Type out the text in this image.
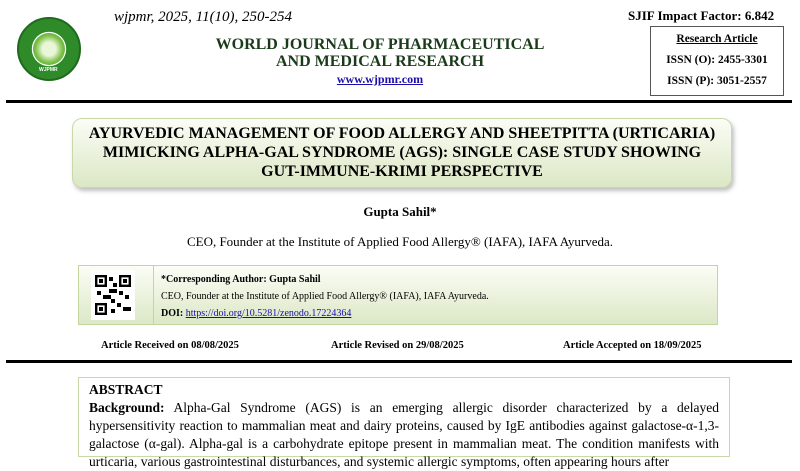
WJPMR
wjpmr, 2025, 11(10), 250-254
WORLD JOURNAL OF PHARMACEUTICAL
AND MEDICAL RESEARCH
www.wjpmr.com
SJIF Impact Factor: 6.842
Research Article
ISSN (O): 2455-3301
ISSN (P): 3051-2557
AYURVEDIC MANAGEMENT OF FOOD ALLERGY AND SHEETPITTA (URTICARIA)
MIMICKING ALPHA-GAL SYNDROME (AGS): SINGLE CASE STUDY SHOWING
GUT-IMMUNE-KRIMI PERSPECTIVE
Gupta Sahil*
CEO, Founder at the Institute of Applied Food Allergy® (IAFA), IAFA Ayurveda.
*Corresponding Author: Gupta Sahil
CEO, Founder at the Institute of Applied Food Allergy® (IAFA), IAFA Ayurveda.
DOI: https://doi.org/10.5281/zenodo.17224364
Article Received on 08/08/2025	Article Revised on 29/08/2025	Article Accepted on 18/09/2025
ABSTRACT
Background: Alpha-Gal Syndrome (AGS) is an emerging allergic disorder characterized by a delayed hypersensitivity reaction to mammalian meat and dairy proteins, caused by IgE antibodies against galactose-α-1,3-galactose (α-gal). Alpha-gal is a carbohydrate epitope present in mammalian meat. The condition manifests with urticaria, various gastrointestinal disturbances, and systemic allergic symptoms, often appearing hours after
